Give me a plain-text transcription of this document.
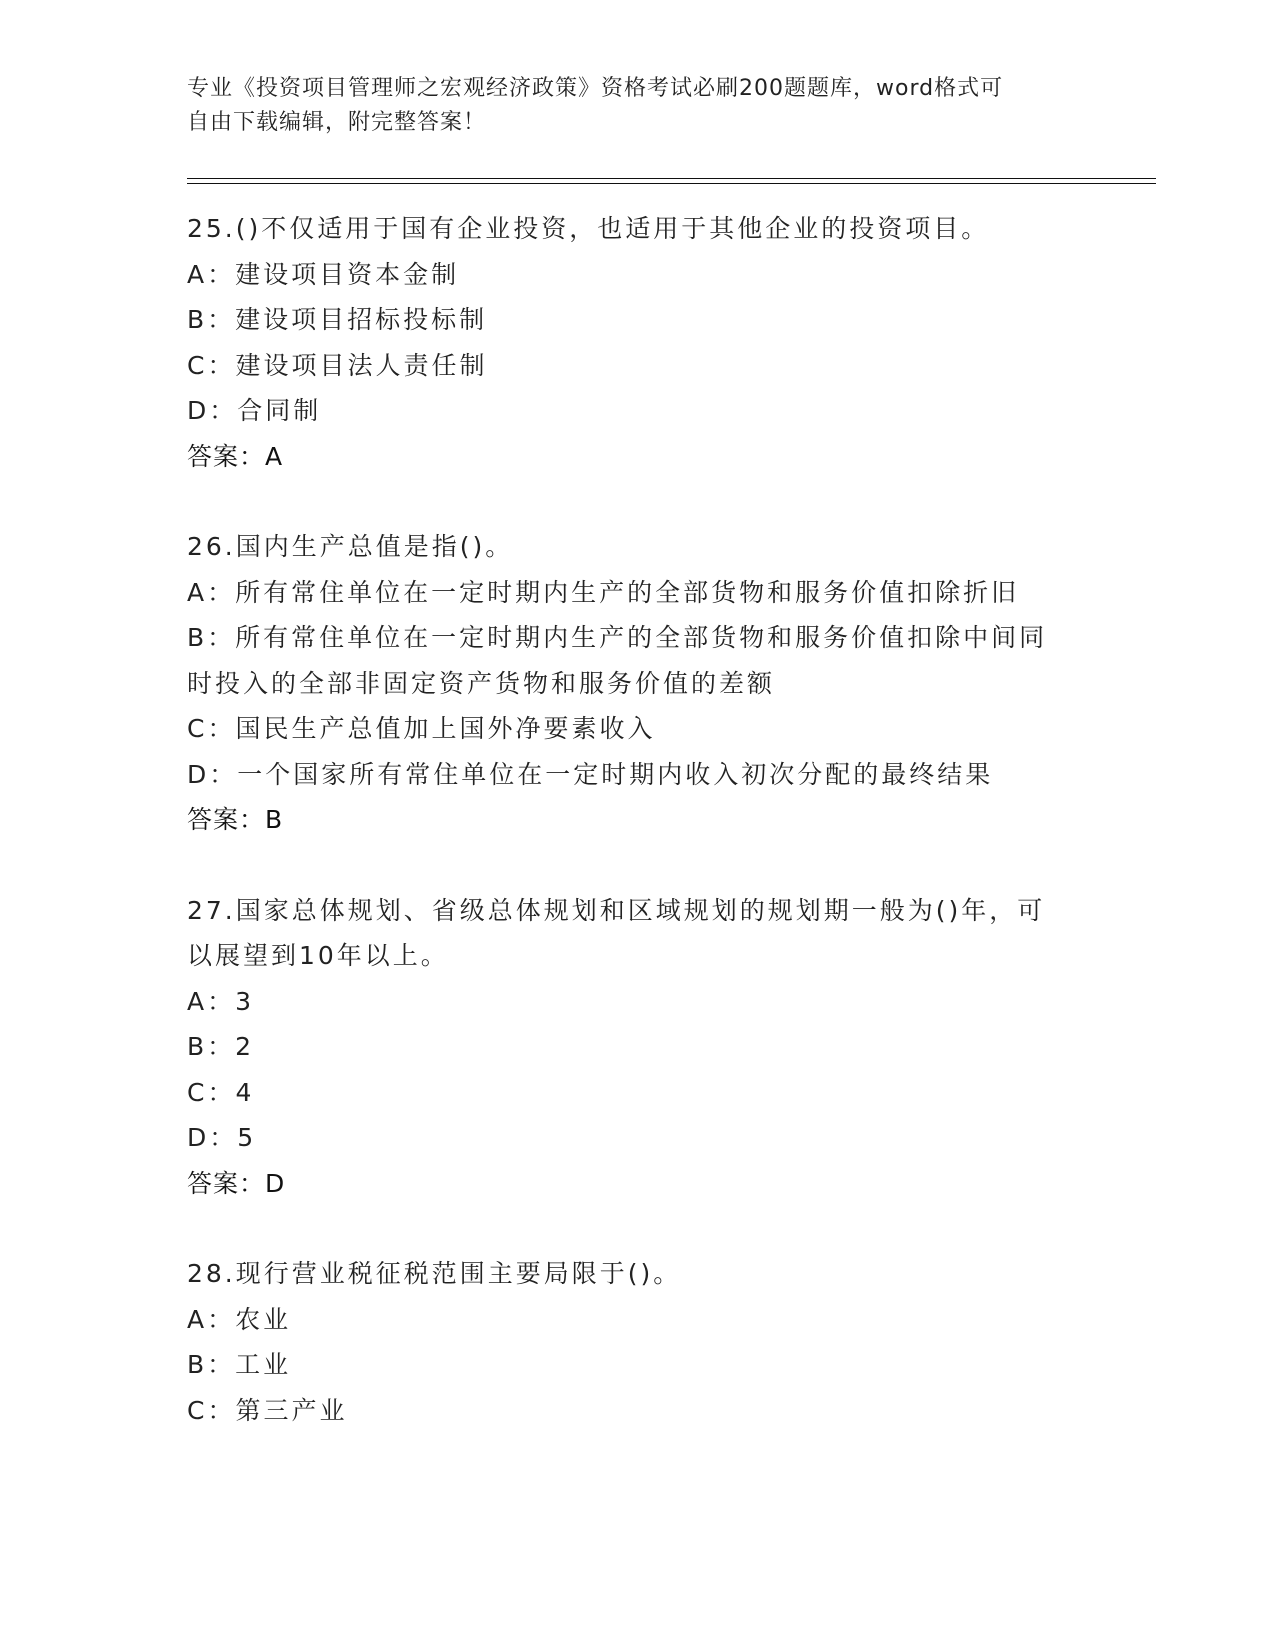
专业《投资项目管理师之宏观经济政策》资格考试必刷200题题库，word格式可
自由下载编辑，附完整答案！
25.()不仅适用于国有企业投资，也适用于其他企业的投资项目。
A：建设项目资本金制
B：建设项目招标投标制
C：建设项目法人责任制
D：合同制
答案：A
26.国内生产总值是指()。
A：所有常住单位在一定时期内生产的全部货物和服务价值扣除折旧
B：所有常住单位在一定时期内生产的全部货物和服务价值扣除中间同
时投入的全部非固定资产货物和服务价值的差额
C：国民生产总值加上国外净要素收入
D：一个国家所有常住单位在一定时期内收入初次分配的最终结果
答案：B
27.国家总体规划、省级总体规划和区域规划的规划期一般为()年，可
以展望到10年以上。
A：3
B：2
C：4
D：5
答案：D
28.现行营业税征税范围主要局限于()。
A：农业
B：工业
C：第三产业
